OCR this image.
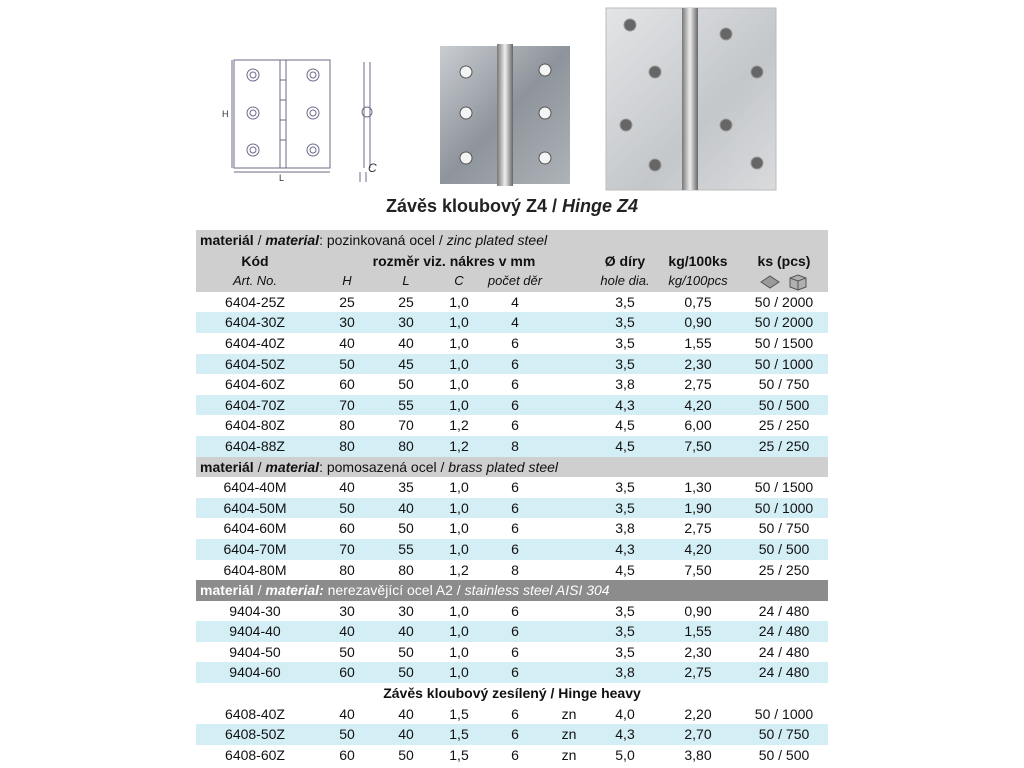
H
L
C
Závěs kloubový Z4 / Hinge Z4
materiál / material: pozinkovaná ocel / zinc plated steel
Kód	rozměr viz. nákres v mm	Ø díry	kg/100ks	ks (pcs)
Art. No.	H	L	C	počet děr	hole dia.	kg/100pcs
6404-25Z	25	25	1,0	4	3,5	0,75	50 / 2000
6404-30Z	30	30	1,0	4	3,5	0,90	50 / 2000
6404-40Z	40	40	1,0	6	3,5	1,55	50 / 1500
6404-50Z	50	45	1,0	6	3,5	2,30	50 / 1000
6404-60Z	60	50	1,0	6	3,8	2,75	50 / 750
6404-70Z	70	55	1,0	6	4,3	4,20	50 / 500
6404-80Z	80	70	1,2	6	4,5	6,00	25 / 250
6404-88Z	80	80	1,2	8	4,5	7,50	25 / 250
materiál / material: pomosazená ocel / brass plated steel
6404-40M	40	35	1,0	6	3,5	1,30	50 / 1500
6404-50M	50	40	1,0	6	3,5	1,90	50 / 1000
6404-60M	60	50	1,0	6	3,8	2,75	50 / 750
6404-70M	70	55	1,0	6	4,3	4,20	50 / 500
6404-80M	80	80	1,2	8	4,5	7,50	25 / 250
materiál / material: nerezavějící ocel A2 / stainless steel AISI 304
9404-30	30	30	1,0	6	3,5	0,90	24 / 480
9404-40	40	40	1,0	6	3,5	1,55	24 / 480
9404-50	50	50	1,0	6	3,5	2,30	24 / 480
9404-60	60	50	1,0	6	3,8	2,75	24 / 480
Závěs kloubový zesílený / Hinge heavy
6408-40Z	40	40	1,5	6	zn	4,0	2,20	50 / 1000
6408-50Z	50	40	1,5	6	zn	4,3	2,70	50 / 750
6408-60Z	60	50	1,5	6	zn	5,0	3,80	50 / 500
